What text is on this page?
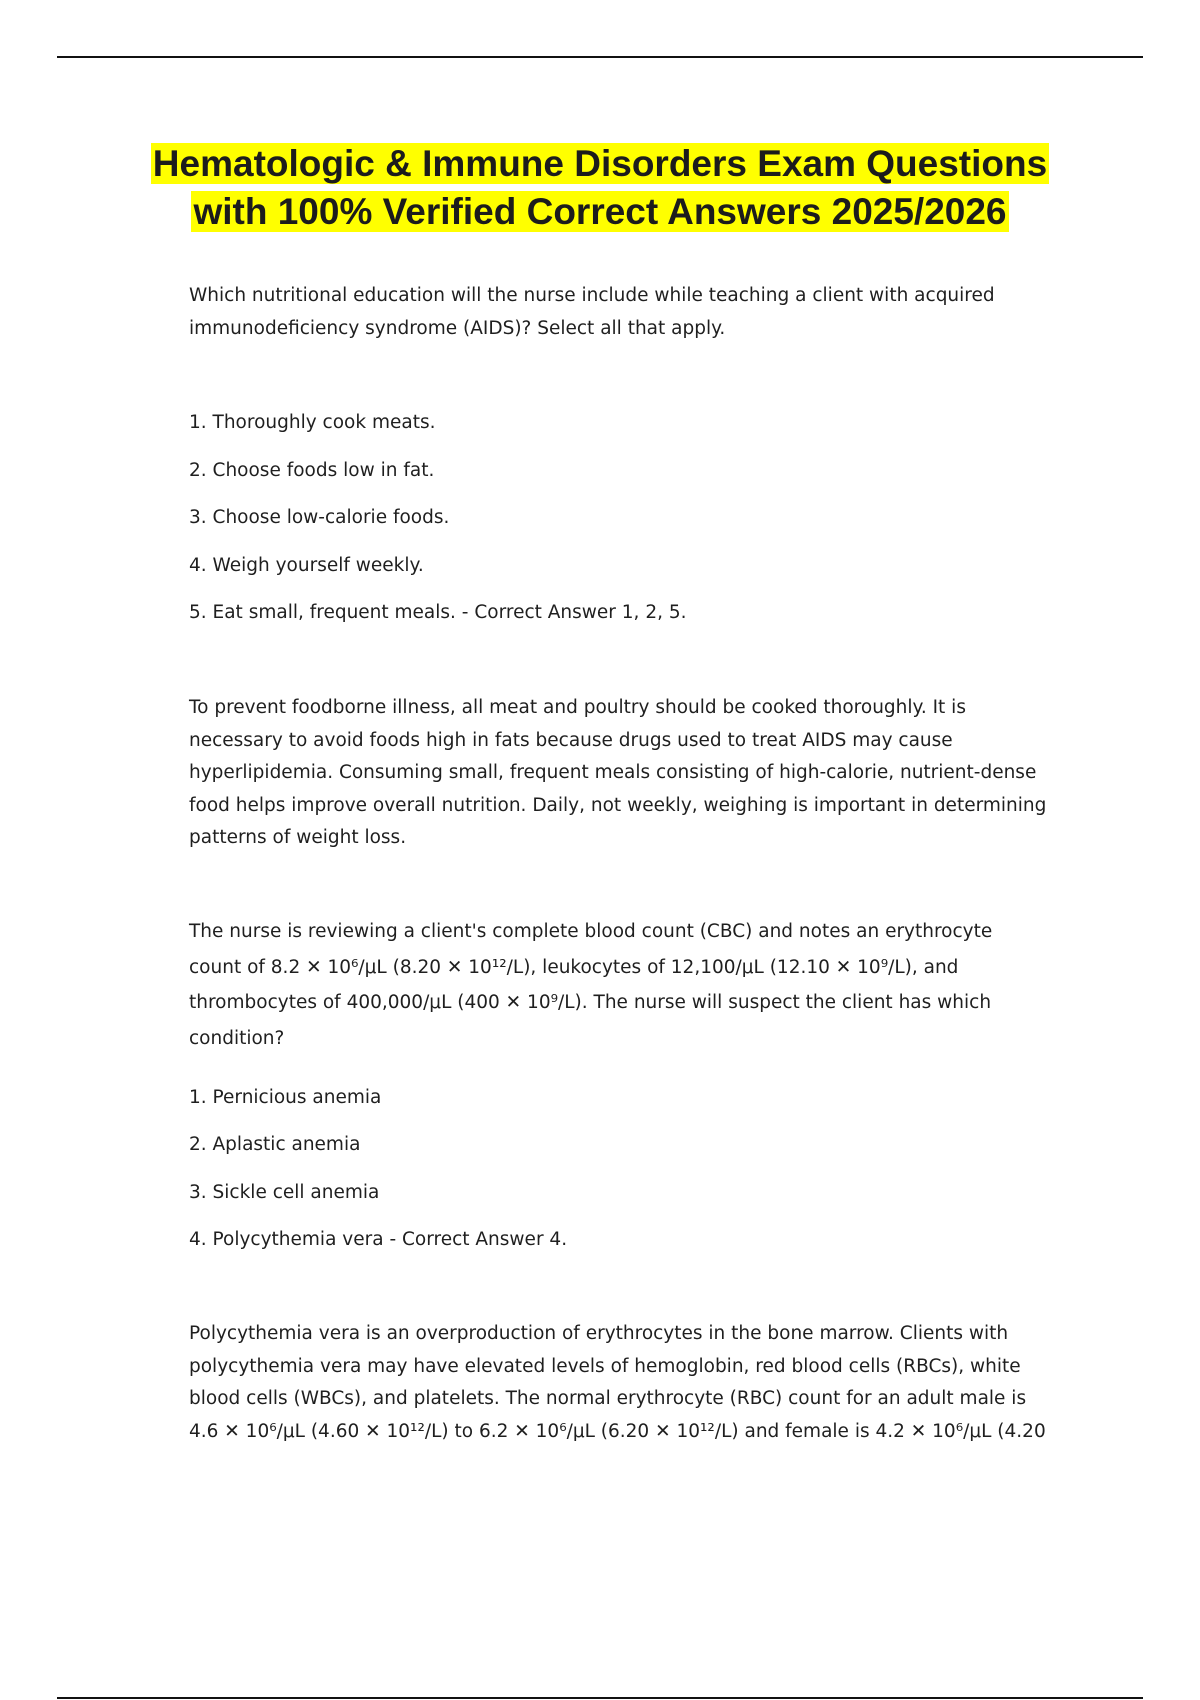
Hematologic & Immune Disorders Exam Questions with 100% Verified Correct Answers 2025/2026

Which nutritional education will the nurse include while teaching a client with acquired immunodeficiency syndrome (AIDS)? Select all that apply.

1. Thoroughly cook meats.

2. Choose foods low in fat.

3. Choose low-calorie foods.

4. Weigh yourself weekly.

5. Eat small, frequent meals. - Correct Answer 1, 2, 5.

To prevent foodborne illness, all meat and poultry should be cooked thoroughly. It is necessary to avoid foods high in fats because drugs used to treat AIDS may cause hyperlipidemia. Consuming small, frequent meals consisting of high-calorie, nutrient-dense food helps improve overall nutrition. Daily, not weekly, weighing is important in determining patterns of weight loss.

The nurse is reviewing a client's complete blood count (CBC) and notes an erythrocyte count of 8.2 ✕ 10⁶/μL (8.20 ✕ 10¹²/L), leukocytes of 12,100/μL (12.10 ✕ 10⁹/L), and thrombocytes of 400,000/μL (400 ✕ 10⁹/L). The nurse will suspect the client has which condition?

1. Pernicious anemia

2. Aplastic anemia

3. Sickle cell anemia

4. Polycythemia vera - Correct Answer 4.

Polycythemia vera is an overproduction of erythrocytes in the bone marrow. Clients with polycythemia vera may have elevated levels of hemoglobin, red blood cells (RBCs), white blood cells (WBCs), and platelets. The normal erythrocyte (RBC) count for an adult male is 4.6 ✕ 10⁶/μL (4.60 ✕ 10¹²/L) to 6.2 ✕ 10⁶/μL (6.20 ✕ 10¹²/L) and female is 4.2 ✕ 10⁶/μL (4.20
